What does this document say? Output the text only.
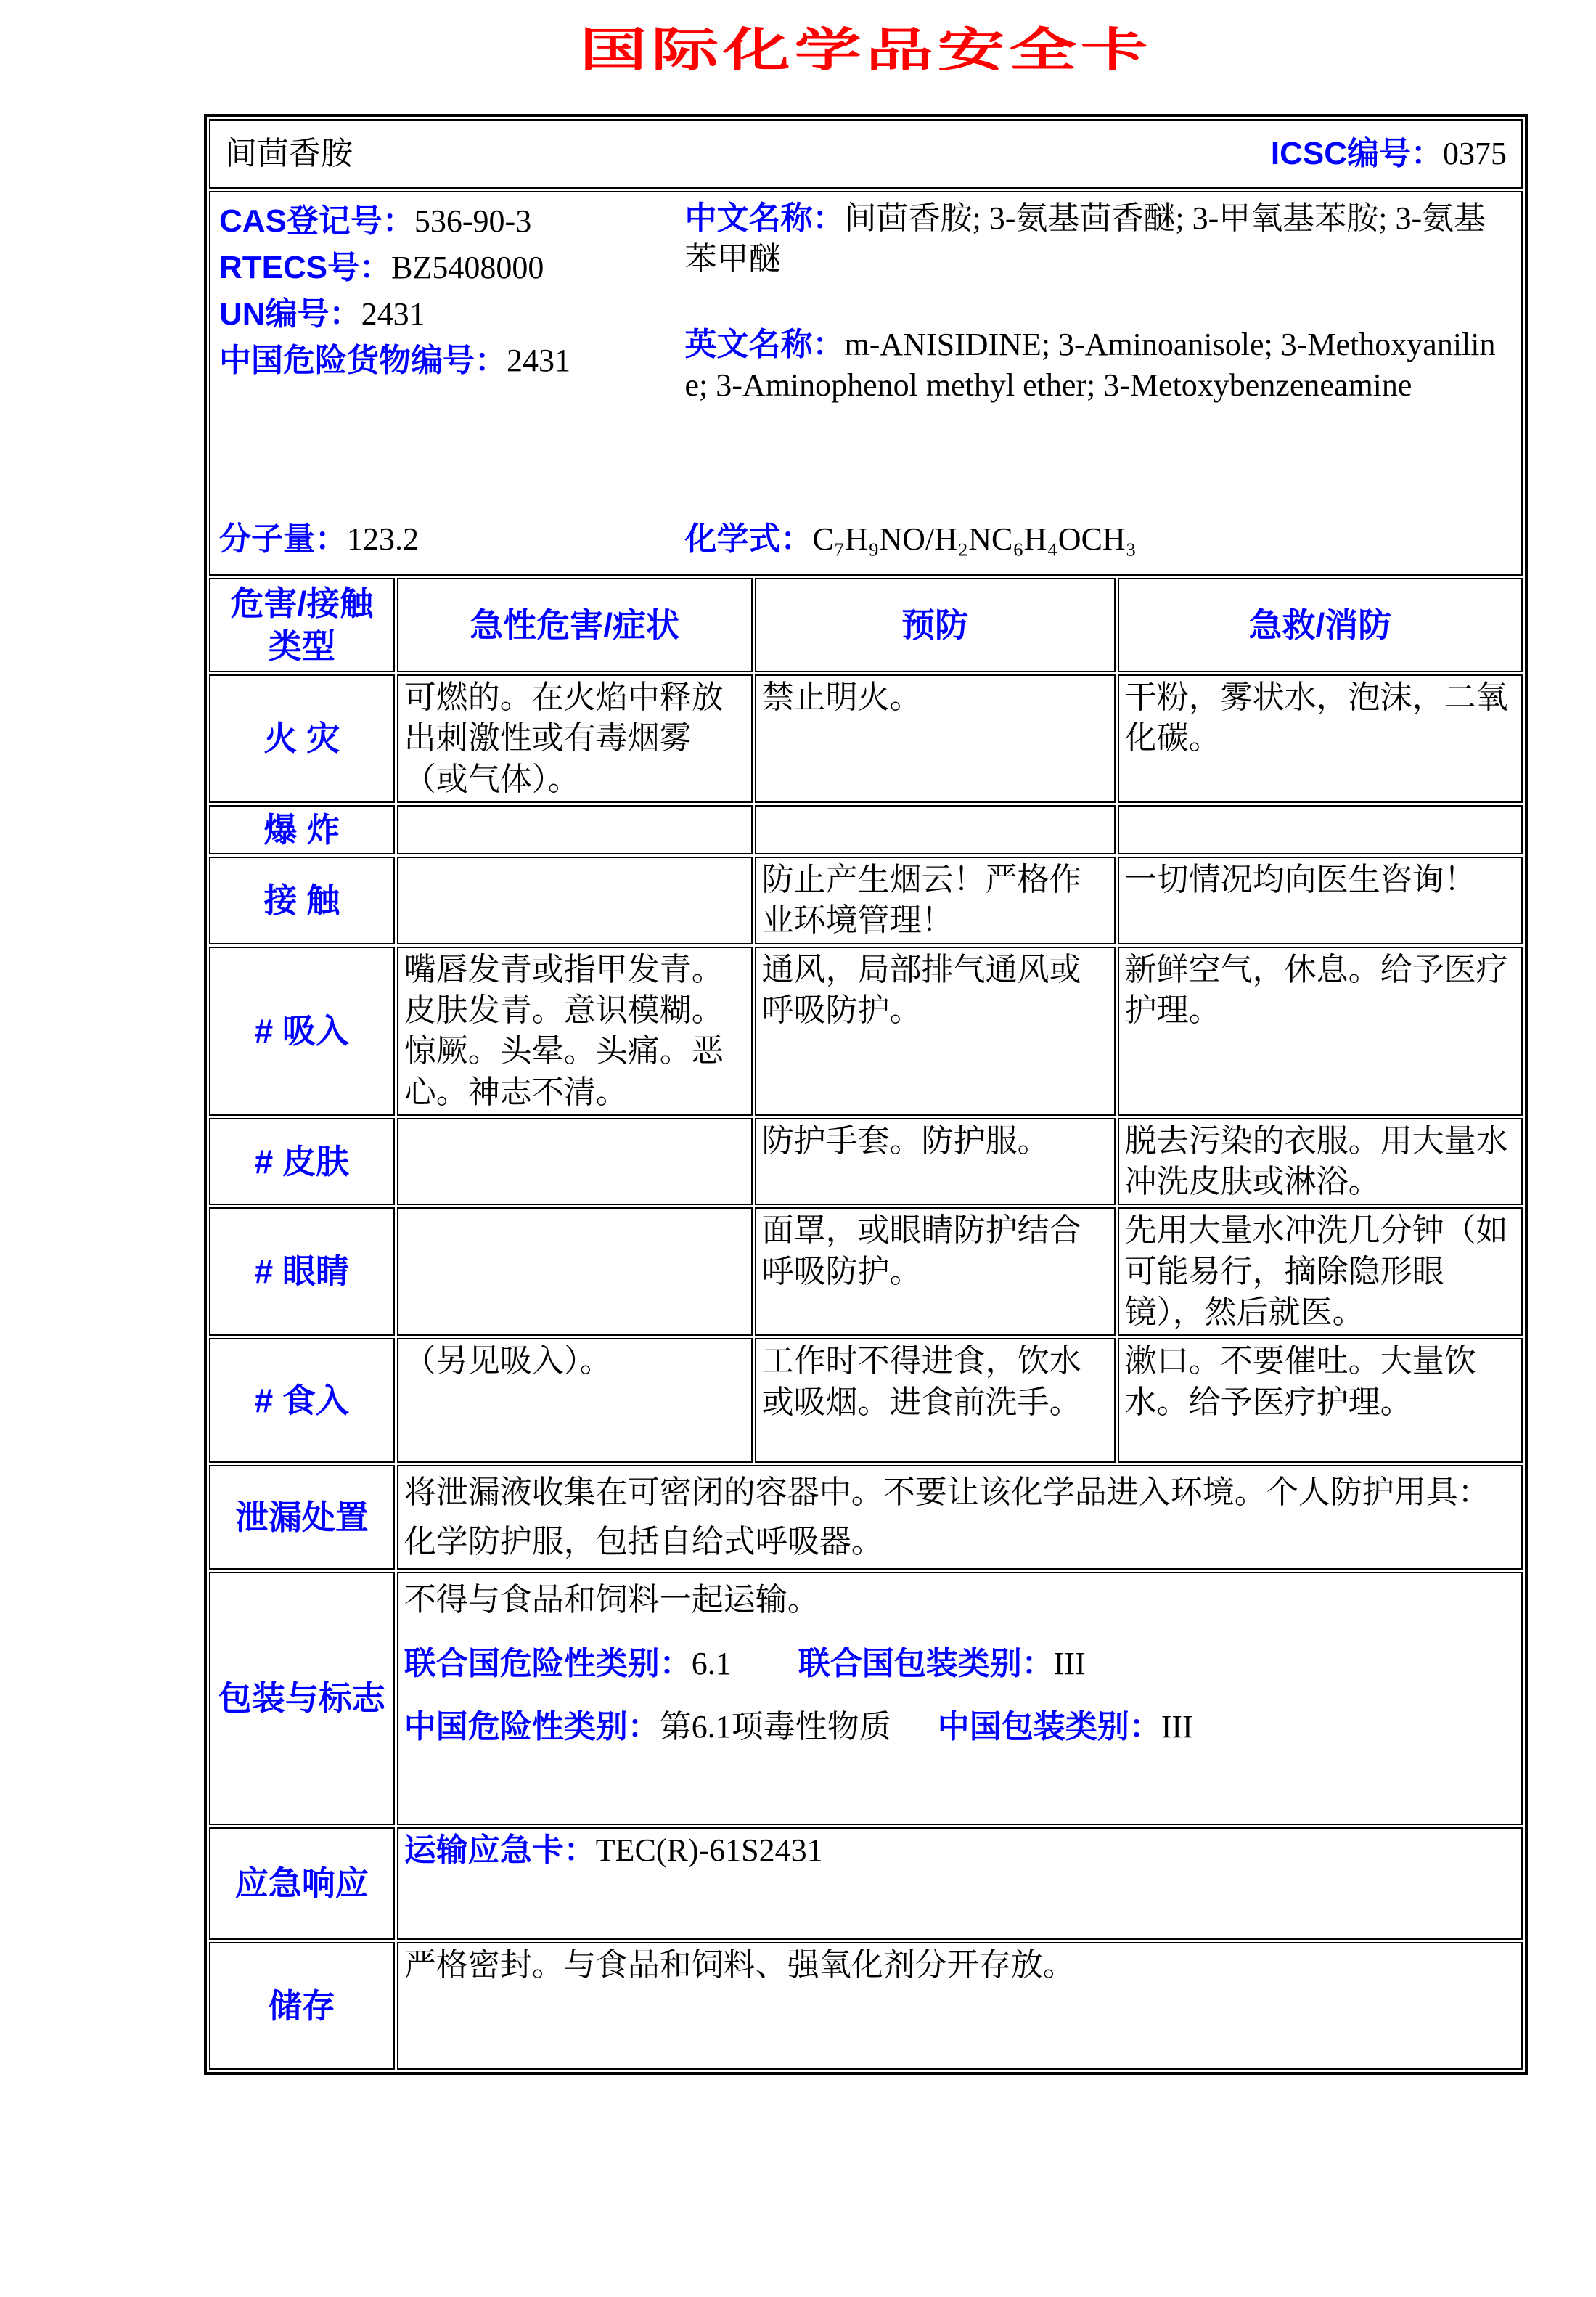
国际化学品安全卡
间茴香胺 ICSC编号：0375			

CAS登记号：536-90-3
RTECS号：BZ5408000
UN编号：2431
中国危险货物编号：2431
中文名称：间茴香胺; 3-氨基茴香醚; 3-甲氧基苯胺; 3-氨基苯甲醚
英文名称：m-ANISIDINE; 3-Aminoanisole; 3-Methoxyaniline; 3-Aminophenol methyl ether; 3-Metoxybenzeneamine
分子量：123.2	化学式：C₇H₉NO/H₂NC₆H₄OCH₃

危害/接触类型	急性危害/症状	预防	急救/消防
火 灾	可燃的。在火焰中释放出刺激性或有毒烟雾（或气体）。	禁止明火。	干粉，雾状水，泡沫，二氧化碳。
爆 炸			
接 触		防止产生烟云！严格作业环境管理！	一切情况均向医生咨询！
# 吸入	嘴唇发青或指甲发青。皮肤发青。意识模糊。惊厥。头晕。头痛。恶心。神志不清。	通风，局部排气通风或呼吸防护。	新鲜空气，休息。给予医疗护理。
# 皮肤		防护手套。防护服。	脱去污染的衣服。用大量水冲洗皮肤或淋浴。
# 眼睛		面罩，或眼睛防护结合呼吸防护。	先用大量水冲洗几分钟（如可能易行，摘除隐形眼镜），然后就医。
# 食入	（另见吸入）。	工作时不得进食，饮水或吸烟。进食前洗手。	漱口。不要催吐。大量饮水。给予医疗护理。
泄漏处置	将泄漏液收集在可密闭的容器中。不要让该化学品进入环境。个人防护用具：化学防护服，包括自给式呼吸器。		

包装与标志	不得与食品和饲料一起运输。
联合国危险性类别：6.1 联合国包装类别：III
中国危险性类别：第6.1项毒性物质 中国包装类别：III		

应急响应	运输应急卡：TEC(R)-61S2431		
储存	严格密封。与食品和饲料、强氧化剂分开存放。		
